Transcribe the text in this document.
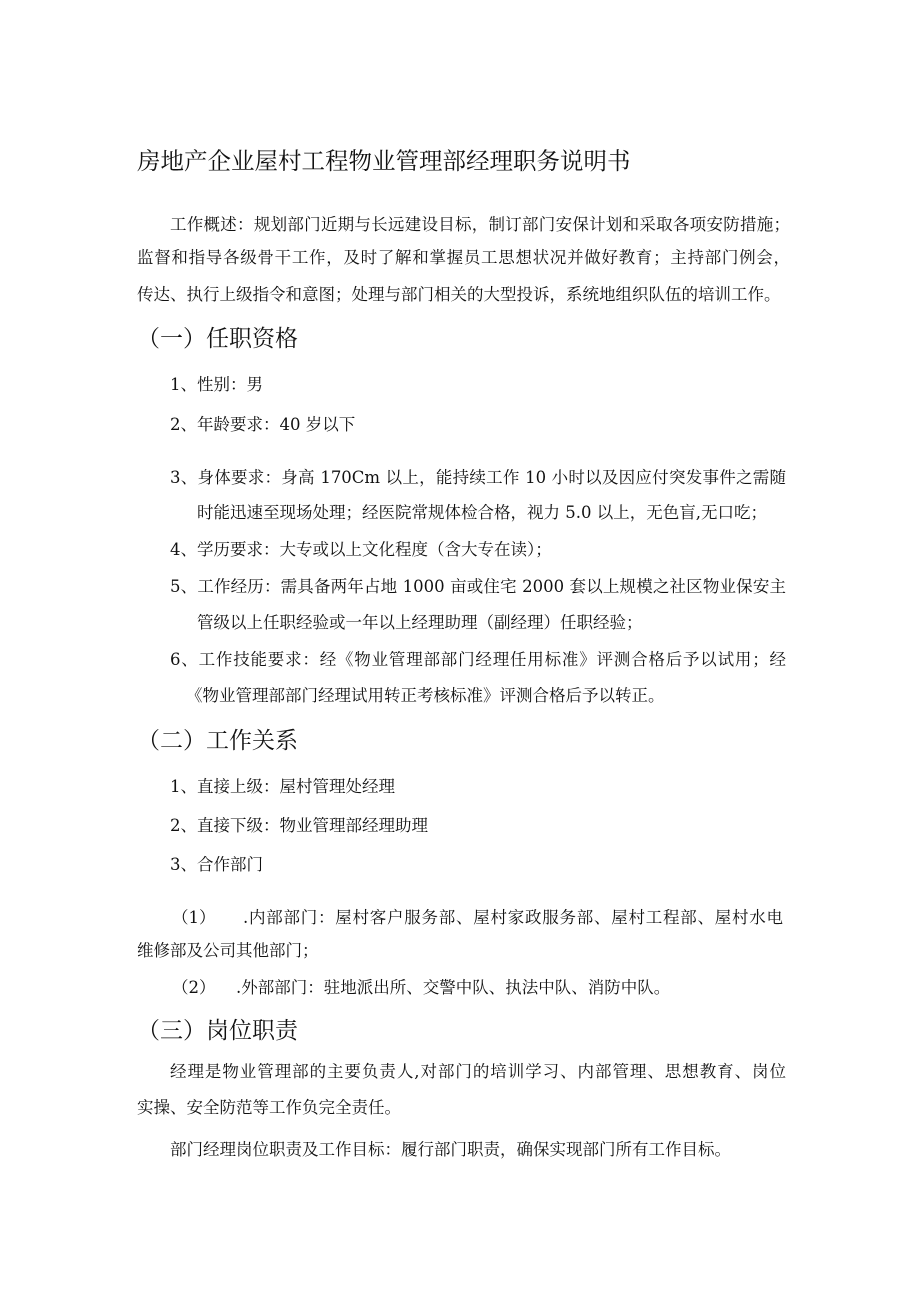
房地产企业屋村工程物业管理部经理职务说明书
工作概述：规划部门近期与长远建设目标，制订部门安保计划和采取各项安防措施；
监督和指导各级骨干工作，及时了解和掌握员工思想状况并做好教育；主持部门例会，
传达、执行上级指令和意图；处理与部门相关的大型投诉，系统地组织队伍的培训工作。
（一）任职资格
1、性别：男
2、年龄要求：40 岁以下
3、身体要求：身高 170Cm 以上，能持续工作 10 小时以及因应付突发事件之需随
时能迅速至现场处理；经医院常规体检合格，视力 5.0 以上，无色盲,无口吃；
4、学历要求：大专或以上文化程度（含大专在读）；
5、工作经历：需具备两年占地 1000 亩或住宅 2000 套以上规模之社区物业保安主
管级以上任职经验或一年以上经理助理（副经理）任职经验；
6、工作技能要求：经《物业管理部部门经理任用标准》评测合格后予以试用；经
《物业管理部部门经理试用转正考核标准》评测合格后予以转正。
（二）工作关系
1、直接上级：屋村管理处经理
2、直接下级：物业管理部经理助理
3、合作部门
（1） .内部部门：屋村客户服务部、屋村家政服务部、屋村工程部、屋村水电
维修部及公司其他部门；
（2） .外部部门：驻地派出所、交警中队、执法中队、消防中队。
（三）岗位职责
经理是物业管理部的主要负责人,对部门的培训学习、内部管理、思想教育、岗位
实操、安全防范等工作负完全责任。
部门经理岗位职责及工作目标：履行部门职责，确保实现部门所有工作目标。
